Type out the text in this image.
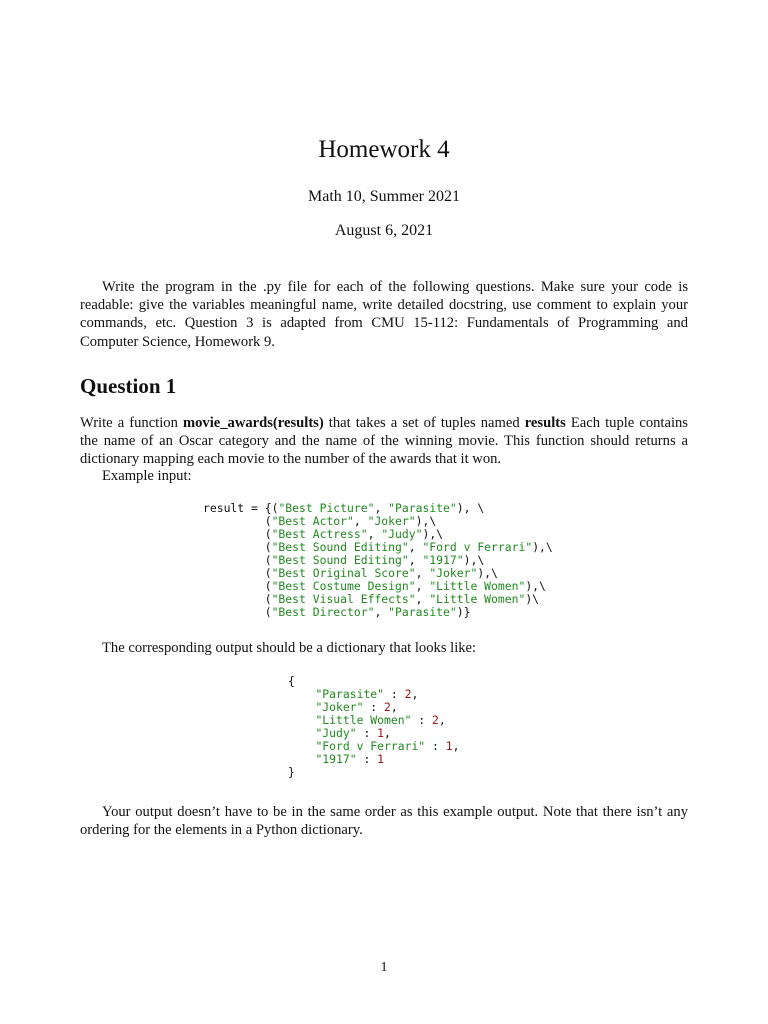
Homework 4
Math 10, Summer 2021
August 6, 2021
Write the program in the .py file for each of the following questions. Make sure your code is readable: give the variables meaningful name, write detailed docstring, use comment to explain your commands, etc. Question 3 is adapted from CMU 15-112: Fundamentals of Programming and Computer Science, Homework 9.
Question 1
Write a function movie_awards(results) that takes a set of tuples named results Each tuple contains the name of an Oscar category and the name of the winning movie. This function should returns a dictionary mapping each movie to the number of the awards that it won.
Example input:
result = {("Best Picture", "Parasite"), \
("Best Actor", "Joker"),\
("Best Actress", "Judy"),\
("Best Sound Editing", "Ford v Ferrari"),\
("Best Sound Editing", "1917"),\
("Best Original Score", "Joker"),\
("Best Costume Design", "Little Women"),\
("Best Visual Effects", "Little Women")\
("Best Director", "Parasite")}
The corresponding output should be a dictionary that looks like:
{
"Parasite" : 2,
"Joker" : 2,
"Little Women" : 2,
"Judy" : 1,
"Ford v Ferrari" : 1,
"1917" : 1
}
Your output doesn’t have to be in the same order as this example output. Note that there isn’t any ordering for the elements in a Python dictionary.
1
